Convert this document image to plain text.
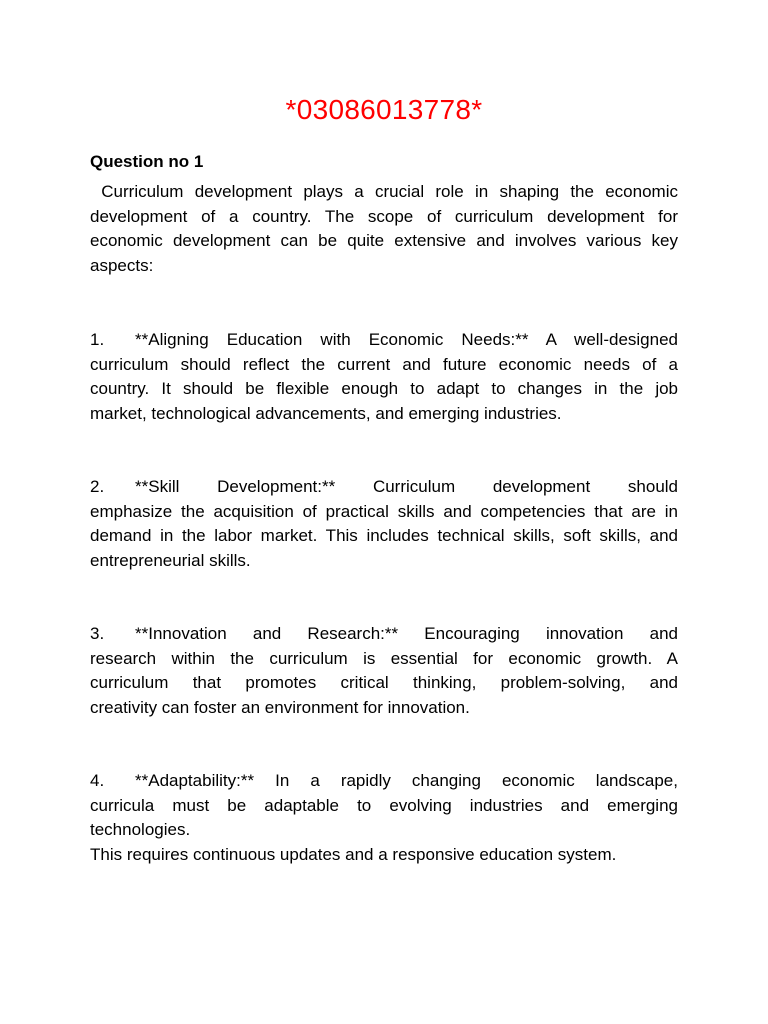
*03086013778*
Question no 1
Curriculum development plays a crucial role in shaping the economic
development of a country. The scope of curriculum development for
economic development can be quite extensive and involves various key
aspects:
1. **Aligning Education with Economic Needs:** A well-designed
curriculum should reflect the current and future economic needs of a
country. It should be flexible enough to adapt to changes in the job
market, technological advancements, and emerging industries.
2. **Skill Development:** Curriculum development should
emphasize the acquisition of practical skills and competencies that are in
demand in the labor market. This includes technical skills, soft skills, and
entrepreneurial skills.
3. **Innovation and Research:** Encouraging innovation and
research within the curriculum is essential for economic growth. A
curriculum that promotes critical thinking, problem-solving, and
creativity can foster an environment for innovation.
4. **Adaptability:** In a rapidly changing economic landscape,
curricula must be adaptable to evolving industries and emerging
technologies.
This requires continuous updates and a responsive education system.
